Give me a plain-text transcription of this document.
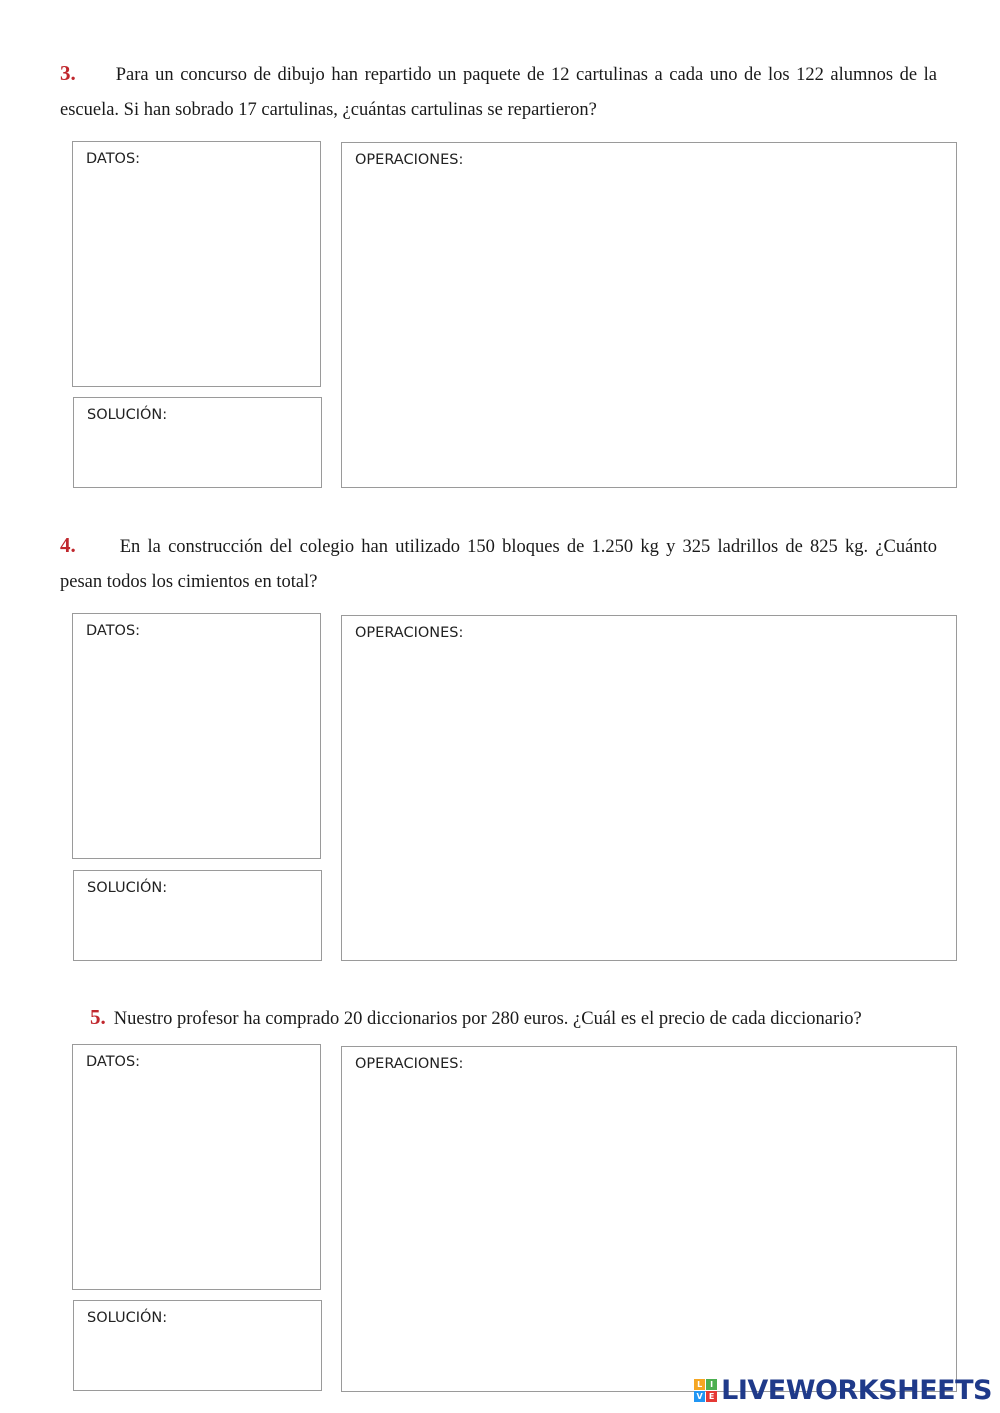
3. Para un concurso de dibujo han repartido un paquete de 12 cartulinas a cada uno de los 122 alumnos de la escuela. Si han sobrado 17 cartulinas, ¿cuántas cartulinas se repartieron?

DATOS:
SOLUCIÓN:
OPERACIONES:

4. En la construcción del colegio han utilizado 150 bloques de 1.250 kg y 325 ladrillos de 825 kg. ¿Cuánto pesan todos los cimientos en total?

DATOS:
SOLUCIÓN:
OPERACIONES:

5. Nuestro profesor ha comprado 20 diccionarios por 280 euros. ¿Cuál es el precio de cada diccionario?

DATOS:
SOLUCIÓN:
OPERACIONES:
L I
V E LIVEWORKSHEETS
